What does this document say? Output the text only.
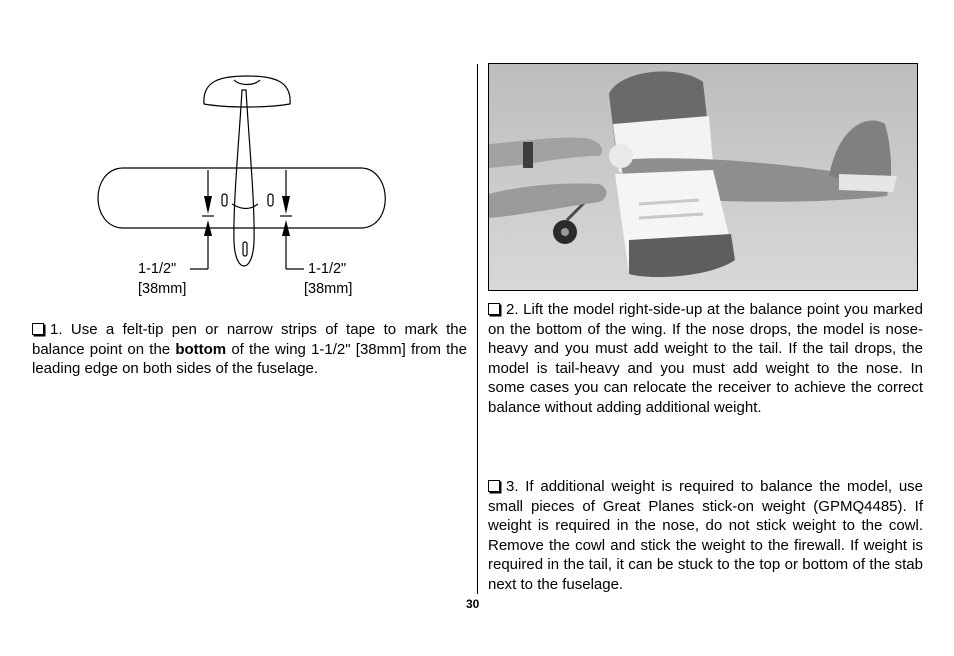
1-1/2"
[38mm]
1-1/2"
[38mm]

1. Use a felt-tip pen or narrow strips of tape to mark the balance point on the bottom of the wing 1-1/2" [38mm] from the leading edge on both sides of the fuselage.

2. Lift the model right-side-up at the balance point you marked on the bottom of the wing. If the nose drops, the model is nose-heavy and you must add weight to the tail. If the tail drops, the model is tail-heavy and you must add weight to the nose. In some cases you can relocate the receiver to achieve the correct balance without adding additional weight.

3. If additional weight is required to balance the model, use small pieces of Great Planes stick-on weight (GPMQ4485). If weight is required in the nose, do not stick weight to the cowl. Remove the cowl and stick the weight to the firewall. If weight is required in the tail, it can be stuck to the top or bottom of the stab next to the fuselage.

30
